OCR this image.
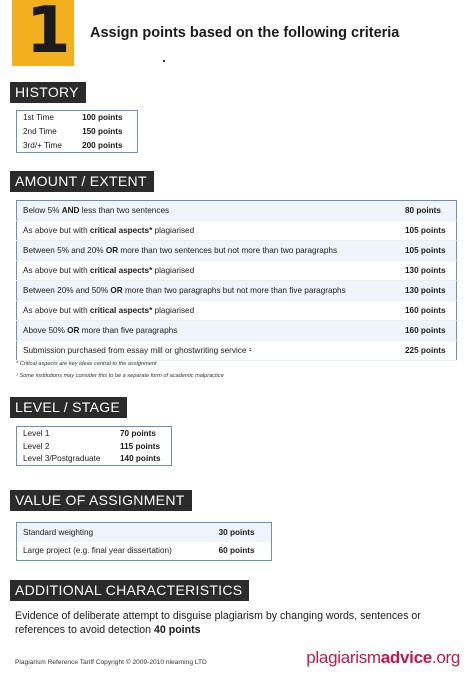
1 Assign points based on the following criteria
HISTORY
1st Time	100 points
2nd Time	150 points
3rd/+ Time	200 points
AMOUNT / EXTENT
Below 5% AND less than two sentences	80 points
As above but with critical aspects* plagiarised	105 points
Between 5% and 20% OR more than two sentences but not more than two paragraphs	105 points
As above but with critical aspects* plagiarised	130 points
Between 20% and 50% OR more than two paragraphs but not more than five paragraphs	130 points
As above but with critical aspects* plagiarised	160 points
Above 50% OR more than five paragraphs	160 points
Submission purchased from essay mill or ghostwriting service ¹	225 points
* Critical aspects are key ideas central to the assignment
¹ Some institutions may consider this to be a separate form of academic malpractice
LEVEL / STAGE
Level 1	70 points
Level 2	115 points
Level 3/Postgraduate	140 points
VALUE OF ASSIGNMENT
Standard weighting	30 points
Large project (e.g. final year dissertation)	60 points
ADDITIONAL CHARACTERISTICS
Evidence of deliberate attempt to disguise plagiarism by changing words, sentences or references to avoid detection 40 points
Plagiarism Reference Tariff Copyright © 2009-2010 nlearning LTD	plagiarismadvice.org
